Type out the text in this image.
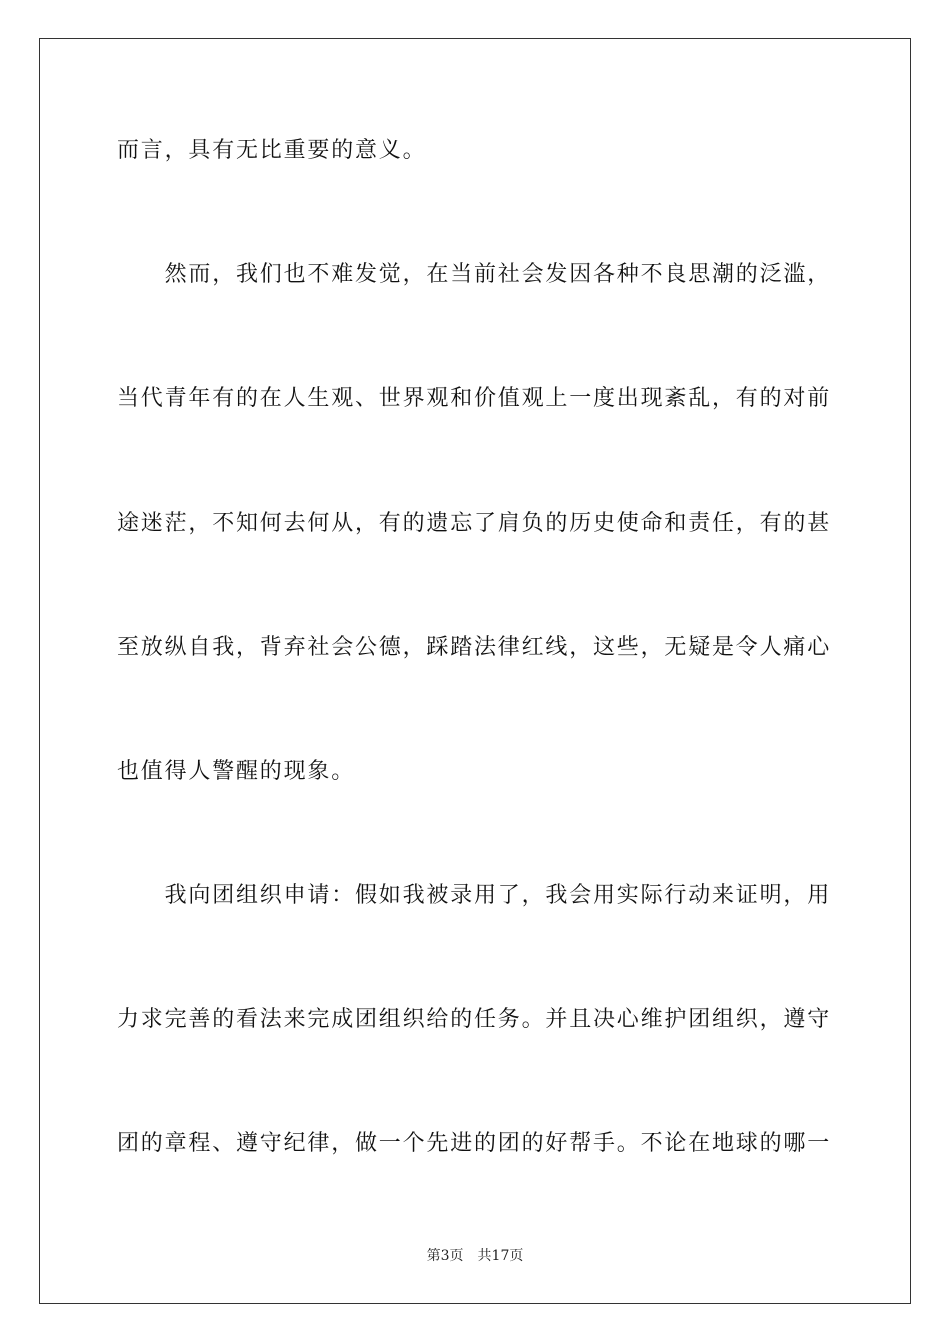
而言，具有无比重要的意义。
　　然而，我们也不难发觉，在当前社会发因各种不良思潮的泛滥，
当代青年有的在人生观、世界观和价值观上一度出现紊乱，有的对前
途迷茫，不知何去何从，有的遗忘了肩负的历史使命和责任，有的甚
至放纵自我，背弃社会公德，踩踏法律红线，这些，无疑是令人痛心
也值得人警醒的现象。
　　我向团组织申请：假如我被录用了，我会用实际行动来证明，用
力求完善的看法来完成团组织给的任务。并且决心维护团组织，遵守
团的章程、遵守纪律，做一个先进的团的好帮手。不论在地球的哪一
第3页 共17页
